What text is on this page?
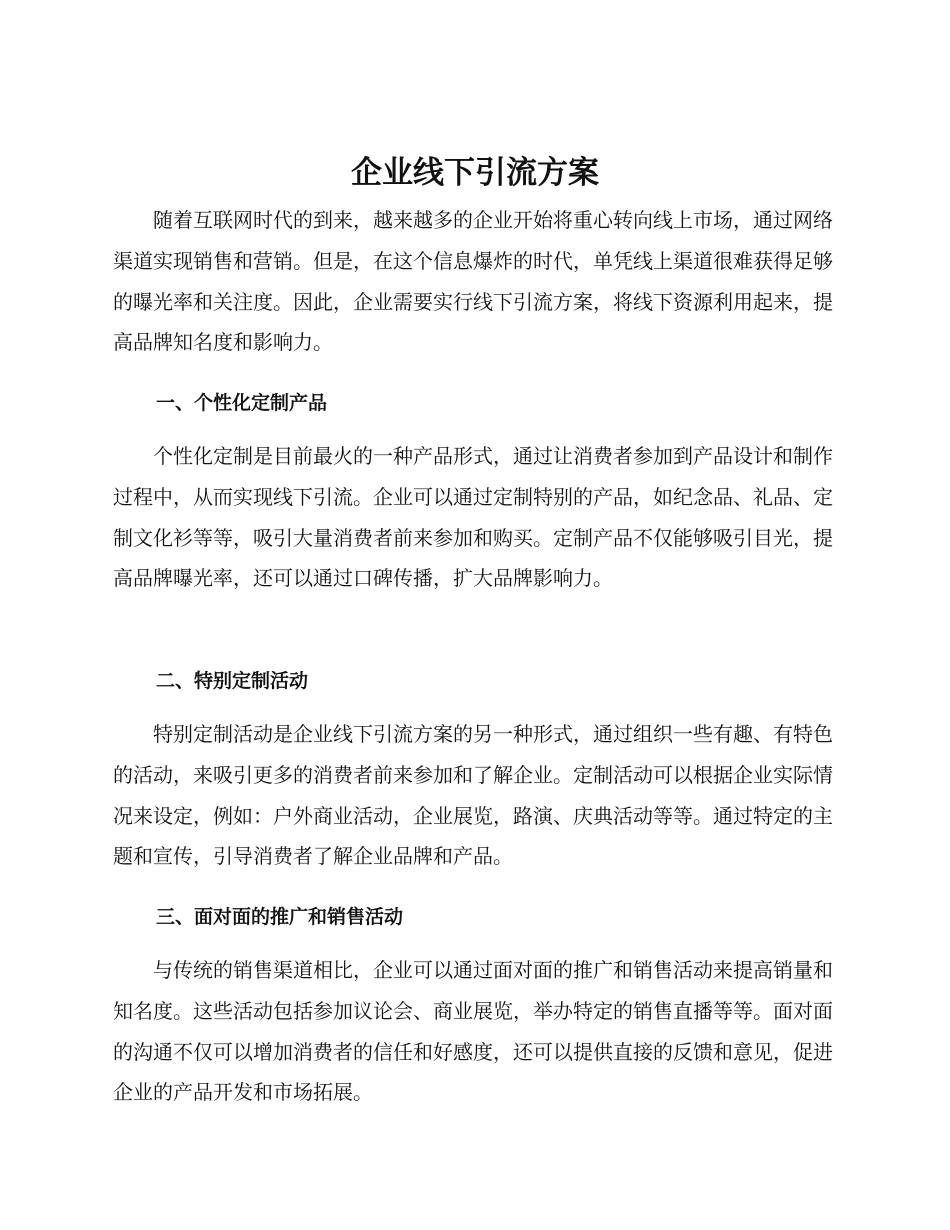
企业线下引流方案

随着互联网时代的到来，越来越多的企业开始将重心转向线上市场，通过网络渠道实现销售和营销。但是，在这个信息爆炸的时代，单凭线上渠道很难获得足够的曝光率和关注度。因此，企业需要实行线下引流方案，将线下资源利用起来，提高品牌知名度和影响力。

一、个性化定制产品

个性化定制是目前最火的一种产品形式，通过让消费者参加到产品设计和制作过程中，从而实现线下引流。企业可以通过定制特别的产品，如纪念品、礼品、定制文化衫等等，吸引大量消费者前来参加和购买。定制产品不仅能够吸引目光，提高品牌曝光率，还可以通过口碑传播，扩大品牌影响力。

二、特别定制活动

特别定制活动是企业线下引流方案的另一种形式，通过组织一些有趣、有特色的活动，来吸引更多的消费者前来参加和了解企业。定制活动可以根据企业实际情况来设定，例如：户外商业活动，企业展览，路演、庆典活动等等。通过特定的主题和宣传，引导消费者了解企业品牌和产品。

三、面对面的推广和销售活动

与传统的销售渠道相比，企业可以通过面对面的推广和销售活动来提高销量和知名度。这些活动包括参加议论会、商业展览，举办特定的销售直播等等。面对面的沟通不仅可以增加消费者的信任和好感度，还可以提供直接的反馈和意见，促进企业的产品开发和市场拓展。
